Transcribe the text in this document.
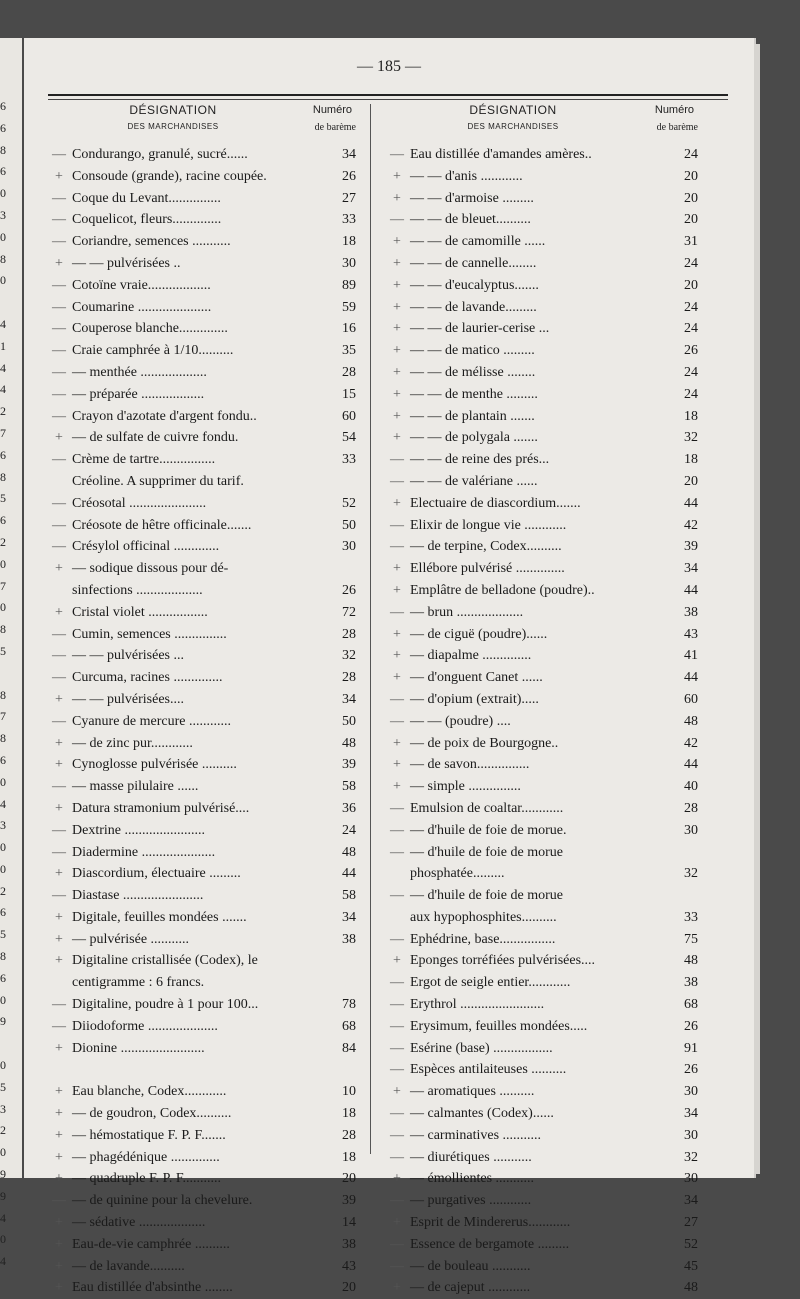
6
6
8
6
0
3
0
8
0
4
1
4
4
2
7
6
8
5
6
2
0
7
0
8
5
8
7
8
6
0
4
3
0
0
2
6
5
8
6
0
9
0
5
3
2
0
9
9
4
0
4
— 185 —
DÉSIGNATION
DES MARCHANDISES
Numéro
de barème
— Condurango, granulé, sucré......	34
+ Consoude (grande), racine coupée.	26
— Coque du Levant...............	27
— Coquelicot, fleurs..............	33
— Coriandre, semences ...........	18
+ — — pulvérisées ..	30
— Cotoïne vraie..................	89
— Coumarine .....................	59
— Couperose blanche..............	16
— Craie camphrée à 1/10..........	35
— — menthée ...................	28
— — préparée ..................	15
— Crayon d'azotate d'argent fondu..	60
+ — de sulfate de cuivre fondu.	54
— Crème de tartre................	33
Créoline. A supprimer du tarif.
— Créosotal ......................	52
— Créosote de hêtre officinale.......	50
— Crésylol officinal .............	30
+ — sodique dissous pour dé-
sinfections ...................	26
+ Cristal violet .................	72
— Cumin, semences ...............	28
— — — pulvérisées ...	32
— Curcuma, racines ..............	28
+ — — pulvérisées....	34
— Cyanure de mercure ............	50
+ — de zinc pur............	48
+ Cynoglosse pulvérisée ..........	39
— — masse pilulaire ......	58
+ Datura stramonium pulvérisé....	36
— Dextrine .......................	24
— Diadermine .....................	48
+ Diascordium, électuaire .........	44
— Diastase .......................	58
+ Digitale, feuilles mondées .......	34
+ — pulvérisée ...........	38
+ Digitaline cristallisée (Codex), le
centigramme : 6 francs.
— Digitaline, poudre à 1 pour 100...	78
— Diiodoforme ....................	68
+ Dionine ........................	84
+ Eau blanche, Codex............	10
+ — de goudron, Codex..........	18
+ — hémostatique F. P. F.......	28
+ — phagédénique ..............	18
+ — quadruple F. P. F...........	20
— — de quinine pour la chevelure.	39
+ — sédative ...................	14
+ Eau-de-vie camphrée ..........	38
+ — de lavande..........	43
+ Eau distillée d'absinthe ........	20
DÉSIGNATION
DES MARCHANDISES
Numéro
de barème
— Eau distillée d'amandes amères..	24
+ — — d'anis ............	20
+ — — d'armoise .........	20
— — — de bleuet..........	20
+ — — de camomille ......	31
+ — — de cannelle........	24
+ — — d'eucalyptus.......	20
+ — — de lavande.........	24
+ — — de laurier-cerise ...	24
+ — — de matico .........	26
+ — — de mélisse ........	24
+ — — de menthe .........	24
+ — — de plantain .......	18
+ — — de polygala .......	32
— — — de reine des prés...	18
— — — de valériane ......	20
+ Electuaire de diascordium.......	44
— Elixir de longue vie ............	42
— — de terpine, Codex..........	39
+ Ellébore pulvérisé ..............	34
+ Emplâtre de belladone (poudre)..	44
— — brun ...................	38
+ — de ciguë (poudre)......	43
+ — diapalme ..............	41
+ — d'onguent Canet ......	44
— — d'opium (extrait).....	60
— — — (poudre) ....	48
+ — de poix de Bourgogne..	42
+ — de savon...............	44
+ — simple ...............	40
— Emulsion de coaltar............	28
— — d'huile de foie de morue.	30
— — d'huile de foie de morue
phosphatée.........	32
— — d'huile de foie de morue
aux hypophosphites..........	33
— Ephédrine, base................	75
+ Eponges torréfiées pulvérisées....	48
— Ergot de seigle entier............	38
— Erythrol ........................	68
— Erysimum, feuilles mondées.....	26
— Esérine (base) .................	91
— Espèces antilaiteuses ..........	26
+ — aromatiques ..........	30
— — calmantes (Codex)......	34
— — carminatives ...........	30
— — diurétiques ...........	32
+ — émollientes ...........	30
— — purgatives ............	34
+ Esprit de Mindererus............	27
— Essence de bergamote .........	52
— — de bouleau ...........	45
+ — de cajeput ............	48
